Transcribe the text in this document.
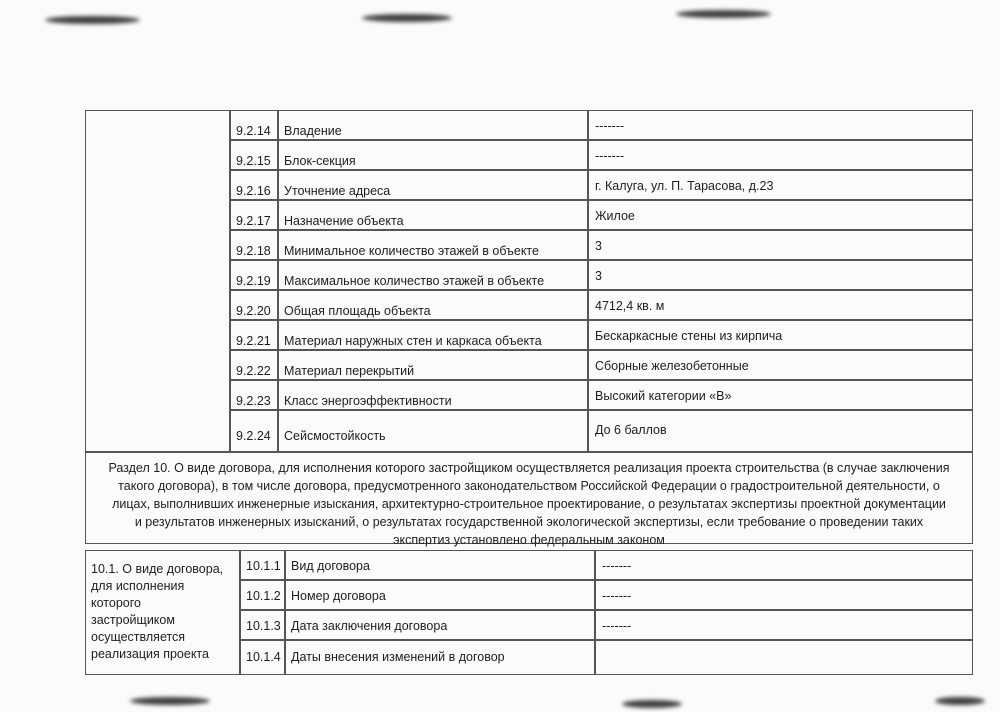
9.2.14	Владение	-------
9.2.15	Блок-секция	-------
9.2.16	Уточнение адреса	г. Калуга, ул. П. Тарасова, д.23
9.2.17	Назначение объекта	Жилое
9.2.18	Минимальное количество этажей в объекте	3
9.2.19	Максимальное количество этажей в объекте	3
9.2.20	Общая площадь объекта	4712,4 кв. м
9.2.21	Материал наружных стен и каркаса объекта	Бескаркасные стены из кирпича
9.2.22	Материал перекрытий	Сборные железобетонные
9.2.23	Класс энергоэффективности	Высокий категории «В»
9.2.24	Сейсмостойкость	До 6 баллов
Раздел 10. О виде договора, для исполнения которого застройщиком осуществляется реализация проекта строительства (в случае заключения
такого договора), в том числе договора, предусмотренного законодательством Российской Федерации о градостроительной деятельности, о
лицах, выполнивших инженерные изыскания, архитектурно-строительное проектирование, о результатах экспертизы проектной документации
и результатов инженерных изысканий, о результатах государственной экологической экспертизы, если требование о проведении таких
экспертиз установлено федеральным законом
10.1. О виде договора,
для исполнения
которого
застройщиком
осуществляется
реализация проекта
10.1.1 Вид договора	-------
10.1.2 Номер договора	-------
10.1.3 Дата заключения договора	-------
10.1.4 Даты внесения изменений в договор
